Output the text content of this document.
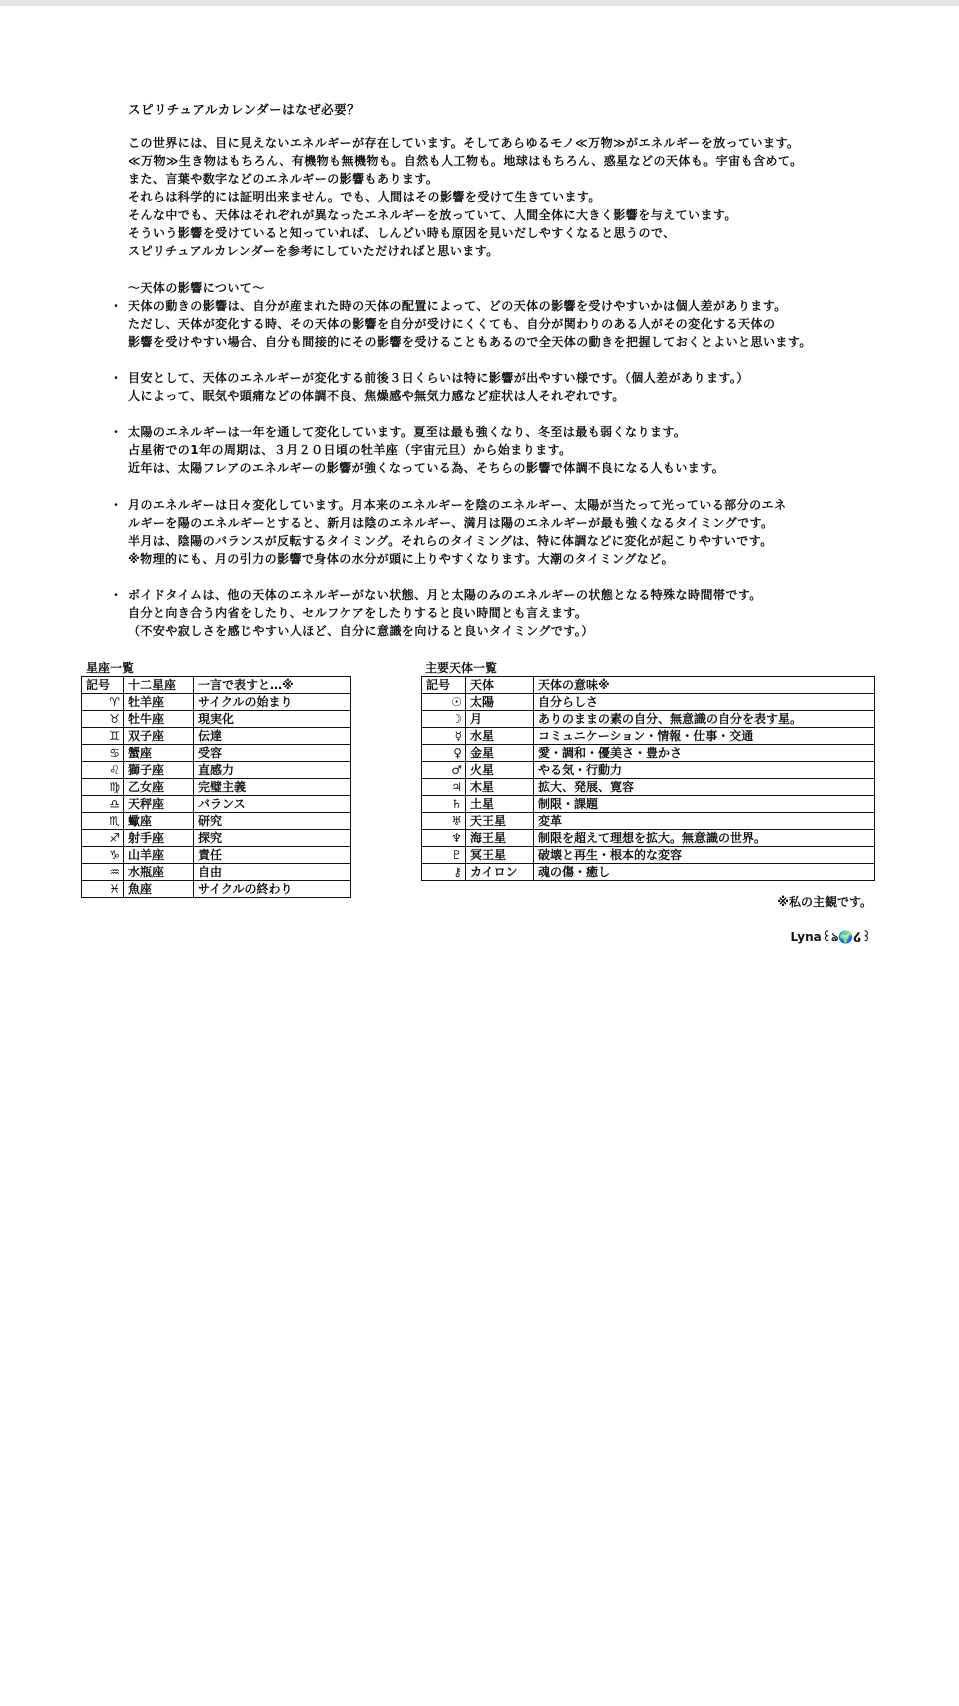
スピリチュアルカレンダーはなぜ必要？
この世界には、目に見えないエネルギーが存在しています。そしてあらゆるモノ≪万物≫がエネルギーを放っています。
≪万物≫生き物はもちろん、有機物も無機物も。自然も人工物も。地球はもちろん、惑星などの天体も。宇宙も含めて。
また、言葉や数字などのエネルギーの影響もあります。
それらは科学的には証明出来ません。でも、人間はその影響を受けて生きています。
そんな中でも、天体はそれぞれが異なったエネルギーを放っていて、人間全体に大きく影響を与えています。
そういう影響を受けていると知っていれば、しんどい時も原因を見いだしやすくなると思うので、
スピリチュアルカレンダーを参考にしていただければと思います。
～天体の影響について～
・ 天体の動きの影響は、自分が産まれた時の天体の配置によって、どの天体の影響を受けやすいかは個人差があります。
ただし、天体が変化する時、その天体の影響を自分が受けにくくても、自分が関わりのある人がその変化する天体の
影響を受けやすい場合、自分も間接的にその影響を受けることもあるので全天体の動きを把握しておくとよいと思います。
・ 目安として、天体のエネルギーが変化する前後３日くらいは特に影響が出やすい様です。（個人差があります。）
人によって、眠気や頭痛などの体調不良、焦燥感や無気力感など症状は人それぞれです。
・ 太陽のエネルギーは一年を通して変化しています。夏至は最も強くなり、冬至は最も弱くなります。
占星術での1年の周期は、３月２０日頃の牡羊座（宇宙元旦）から始まります。
近年は、太陽フレアのエネルギーの影響が強くなっている為、そちらの影響で体調不良になる人もいます。
・ 月のエネルギーは日々変化しています。月本来のエネルギーを陰のエネルギー、太陽が当たって光っている部分のエネ
ルギーを陽のエネルギーとすると、新月は陰のエネルギー、満月は陽のエネルギーが最も強くなるタイミングです。
半月は、陰陽のバランスが反転するタイミング。それらのタイミングは、特に体調などに変化が起こりやすいです。
※物理的にも、月の引力の影響で身体の水分が頭に上りやすくなります。大潮のタイミングなど。
・ ボイドタイムは、他の天体のエネルギーがない状態、月と太陽のみのエネルギーの状態となる特殊な時間帯です。
自分と向き合う内省をしたり、セルフケアをしたりすると良い時間とも言えます。
（不安や寂しさを感じやすい人ほど、自分に意識を向けると良いタイミングです。）
星座一覧
記号	十二星座	一言で表すと…※
♈	牡羊座	サイクルの始まり
♉	牡牛座	現実化
♊	双子座	伝達
♋	蟹座	受容
♌	獅子座	直感力
♍	乙女座	完璧主義
♎	天秤座	バランス
♏	蠍座	研究
♐	射手座	探究
♑	山羊座	責任
♒	水瓶座	自由
♓	魚座	サイクルの終わり
主要天体一覧
記号	天体	天体の意味※
☉	太陽	自分らしさ
☽	月	ありのままの素の自分、無意識の自分を表す星。
☿	水星	コミュニケーション・情報・仕事・交通
♀	金星	愛・調和・優美さ・豊かさ
♂	火星	やる気・行動力
♃	木星	拡大、発展、寛容
♄	土星	制限・課題
♅	天王星	変革
♆	海王星	制限を超えて理想を拡大。無意識の世界。
♇	冥王星	破壊と再生・根本的な変容
⚷	カイロン	魂の傷・癒し
※私の主観です。
Lyna꒰ঌ🌍໒꒱
